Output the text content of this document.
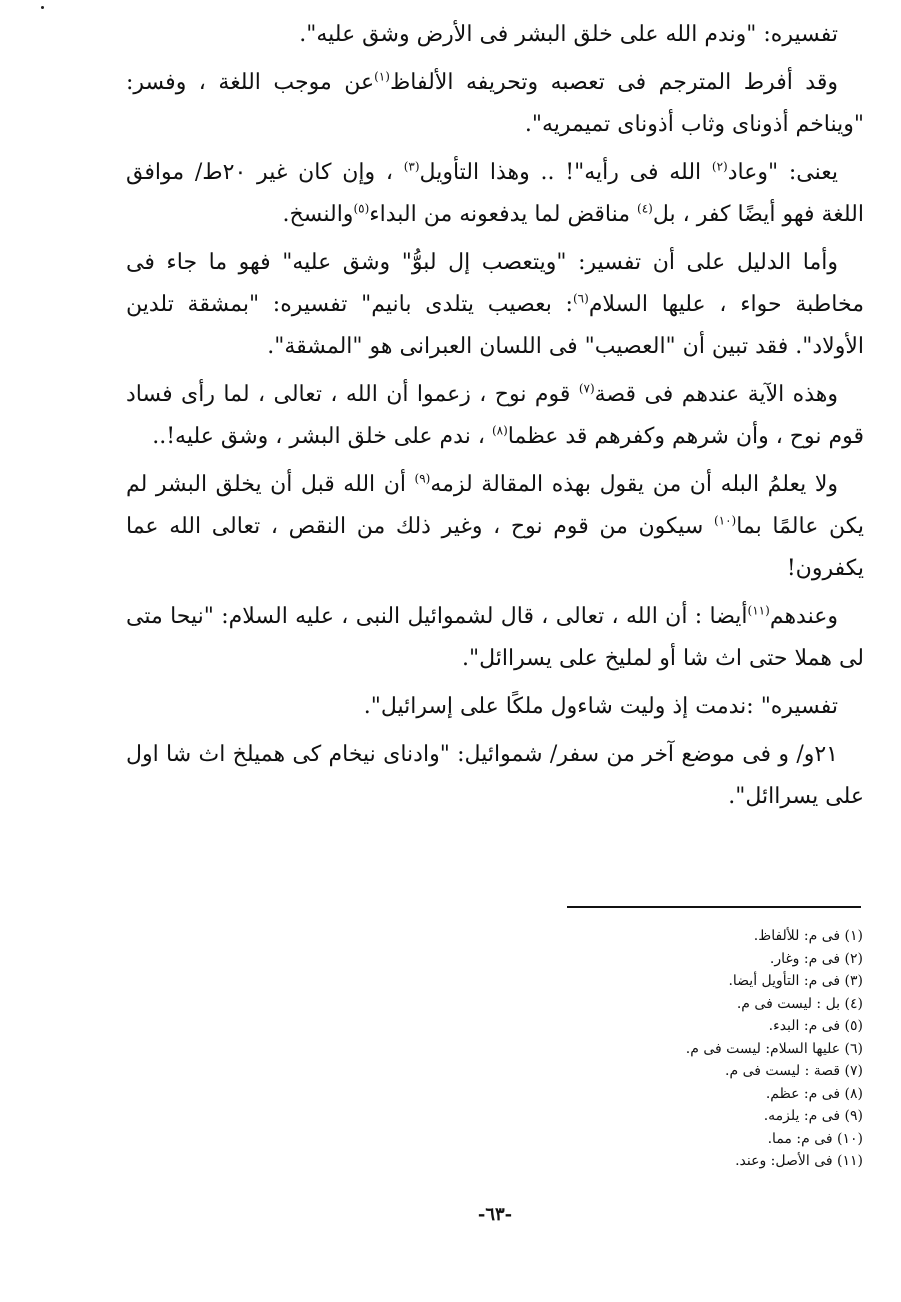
تفسيره: "وندم الله على خلق البشر فى الأرض وشق عليه".

وقد أفرط المترجم فى تعصبه وتحريفه الألفاظ$^{(١)}$عن موجب اللغة ، وفسر: "ويناخم أذوناى وثاب أذوناى تميمريه".

يعنى: "وعاد$^{(٢)}$ الله فى رأيه"! .. وهذا التأويل$^{(٣)}$ ، وإن كان غير ٢٠ط/ موافق اللغة فهو أيضًا كفر ، بل$^{(٤)}$ مناقض لما يدفعونه من البداء$^{(٥)}$والنسخ.

وأما الدليل على أن تفسير: "ويتعصب إل لبوُّ" وشق عليه" فهو ما جاء فى مخاطبة حواء ، عليها السلام$^{(٦)}$: بعصيب يتلدى بانيم" تفسيره: "بمشقة تلدين الأولاد". فقد تبين أن "العصيب" فى اللسان العبرانى هو "المشقة".

وهذه الآية عندهم فى قصة$^{(٧)}$ قوم نوح ، زعموا أن الله ، تعالى ، لما رأى فساد قوم نوح ، وأن شرهم وكفرهم قد عظما$^{(٨)}$ ، ندم على خلق البشر ، وشق عليه!..

ولا يعلمُ البله أن من يقول بهذه المقالة لزمه$^{(٩)}$ أن الله قبل أن يخلق البشر لم يكن عالمًا بما$^{(١٠)}$ سيكون من قوم نوح ، وغير ذلك من النقص ، تعالى الله عما يكفرون!

وعندهم$^{(١١)}$أيضا : أن الله ، تعالى ، قال لشموائيل النبى ، عليه السلام: "نيحا متى لى هملا حتى اث شا أو لمليخ على يسراائل".

تفسيره" :ندمت إذ وليت شاءول ملكًا على إسرائيل".

٢١و/ و فى موضع آخر من سفر/ شموائيل: "وادناى نيخام كى هميلخ اث شا اول على يسراائل".

(١) فى م: للألفاظ.
(٢) فى م: وغار.
(٣) فى م: التأويل أيضا.
(٤) بل : ليست فى م.
(٥) فى م: البدء.
(٦) عليها السلام: ليست فى م.
(٧) قصة : ليست فى م.
(٨) فى م: عظم.
(٩) فى م: يلزمه.
(١٠) فى م: مما.
(١١) فى الأصل: وعند.
-٦٣-
